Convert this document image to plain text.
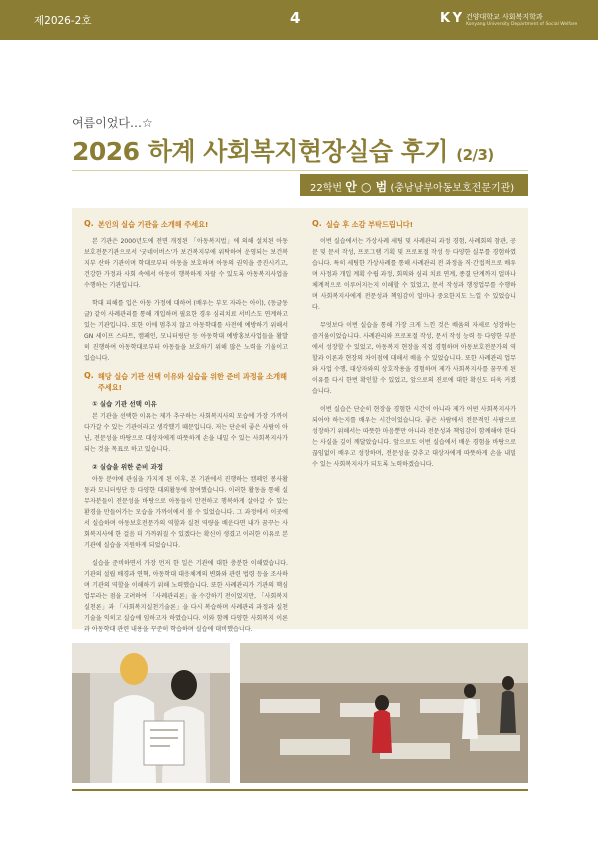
제2026-2호	4	K Y 건양대학교 사회복지학과
Konyang University Department of Social Welfare
여름이었다…☆
2026 하계 사회복지현장실습 후기 (2/3)
22학번 안 ○ 범 (충남남부아동보호전문기관)
Q. 본인의 실습 기관을 소개해 주세요!

본 기관은 2000년도에 전면 개정된 「아동복지법」에 의해 설치된 아동보호전문기관으로서 '굿네이버스'가 보건복지부에 위탁하여 운영되는 보건복지부 산하 기관이며 학대로부터 아동을 보호하며 아동의 권익을 증진시키고, 건강한 가정과 사회 속에서 아동이 행복하게 자랄 수 있도록 아동복지사업을 수행하는 기관입니다.

학대 피해를 입은 아동 가정에 대하여 (배우는 부모 자라는 아이), (동글동글) 같이 사례관리를 통해 개입하며 필요한 경우 심리치료 서비스도 연계하고 있는 기관입니다. 또한 이에 멈추지 않고 아동학대를 사전에 예방하기 위해서 GN 세이프 스타트, 캠페인, 모니터링단 등 아동학대 예방홍보사업들을 활발히 진행하여 아동학대로부터 아동들을 보호하기 위해 많은 노력을 기울이고 있습니다.

Q. 해당 실습 기관 선택 이유와 실습을 위한 준비 과정을 소개해 주세요!
① 실습 기관 선택 이유

본 기관을 선택한 이유는 제가 추구하는 사회복지사의 모습에 가장 가까이 다가갈 수 있는 기관이라고 생각했기 때문입니다. 저는 단순히 좋은 사람이 아닌, 전문성을 바탕으로 대상자에게 따뜻하게 손을 내밀 수 있는 사회복지사가 되는 것을 목표로 하고 있습니다.

② 실습을 위한 준비 과정

아동 분야에 관심을 가지게 된 이후, 본 기관에서 진행하는 캠페인 봉사활동과 모니터링단 등 다양한 대외활동에 참여했습니다. 이러한 활동을 통해 실무자분들이 전문성을 바탕으로 아동들이 안전하고 행복하게 살아갈 수 있는 환경을 만들어가는 모습을 가까이에서 볼 수 있었습니다. 그 과정에서 이곳에서 실습하며 아동보호전문가의 역할과 실천 역량을 배운다면 내가 꿈꾸는 사회복지사에 한 걸음 더 가까워질 수 있겠다는 확신이 생겼고 이러한 이유로 본 기관에 실습을 지원하게 되었습니다.

실습을 준비하면서 가장 먼저 한 일은 기관에 대한 충분한 이해였습니다. 기관의 설립 배경과 연혁, 아동학대 대응체계의 변화와 관련 법령 등을 조사하며 기관의 역할을 이해하기 위해 노력했습니다. 또한 사례관리가 기관의 핵심 업무라는 점을 고려하여 「사례관리론」을 수강하기 전이었지만, 「사회복지실천론」과 「사회복지실천기술론」을 다시 복습하며 사례관리 과정과 실천기술을 익히고 실습에 임하고자 하였습니다. 이와 함께 다양한 사회복지 이론과 아동학대 관련 내용을 꾸준히 학습하며 실습에 대비했습니다.

Q. 실습 후 소감 부탁드립니다!

이번 실습에서는 가상사례 세팅 및 사례관리 과정 경험, 사례회의 참관, 공문 및 문서 작성, 프로그램 기획 및 프로포절 작성 등 다양한 실무를 경험하였습니다. 특히 세팅한 가상사례를 통해 사례관리 전 과정을 직·간접적으로 배우며 사정과 개입 계획 수립 과정, 회의와 심리 치료 연계, 종결 단계까지 얼마나 체계적으로 이루어지는지 이해할 수 있었고, 문서 작성과 행정업무를 수행하며 사회복지사에게 전문성과 책임감이 얼마나 중요한지도 느낄 수 있었습니다.

무엇보다 이번 실습을 통해 가장 크게 느낀 것은 배움의 자세로 성장하는 즐거움이었습니다. 사례관리와 프로포절 작성, 문서 작성 능력 등 다양한 부분에서 성장할 수 있었고, 아동복지 현장을 직접 경험하며 아동보호전문가의 역할과 이론과 현장의 차이점에 대해서 배울 수 있었습니다. 또한 사례관리 업무와 사업 수행, 대상자와의 상호작용을 경험하며 제가 사회복지사를 꿈꾸게 된 이유를 다시 한번 확인할 수 있었고, 앞으로의 진로에 대한 확신도 더욱 커졌습니다.

이번 실습은 단순히 현장을 경험한 시간이 아니라 제가 어떤 사회복지사가 되어야 하는지를 배우는 시간이었습니다. 좋은 사람에서 전문적인 사람으로 성장하기 위해서는 따뜻한 마음뿐만 아니라 전문성과 책임감이 함께해야 한다는 사실을 깊이 깨달았습니다. 앞으로도 이번 실습에서 배운 경험을 바탕으로 끊임없이 배우고 성장하며, 전문성을 갖추고 대상자에게 따뜻하게 손을 내밀 수 있는 사회복지사가 되도록 노력하겠습니다.
